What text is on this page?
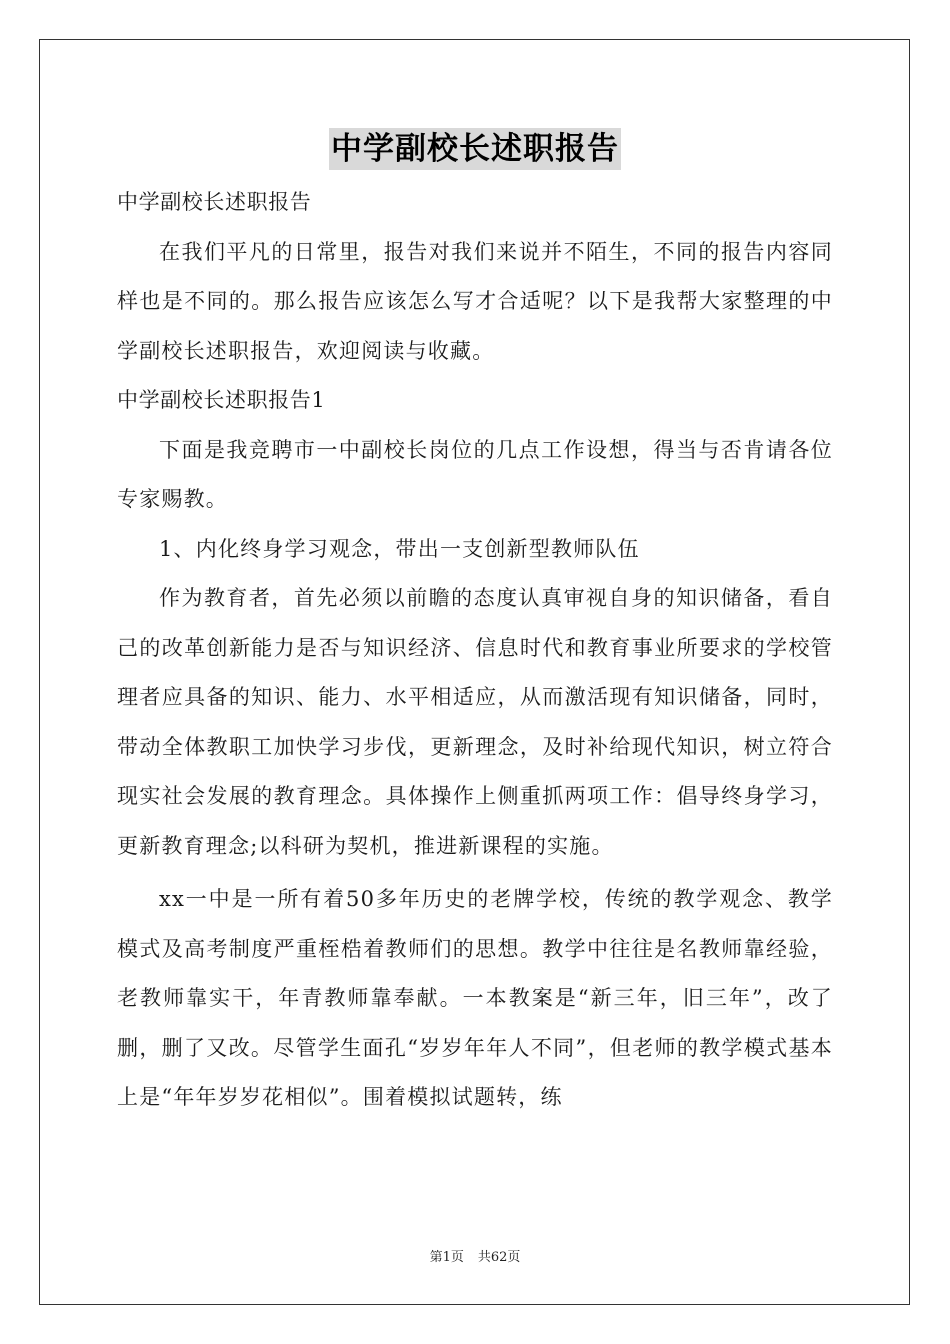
中学副校长述职报告

中学副校长述职报告

在我们平凡的日常里，报告对我们来说并不陌生，不同的报告内容同样也是不同的。那么报告应该怎么写才合适呢？以下是我帮大家整理的中学副校长述职报告，欢迎阅读与收藏。

中学副校长述职报告1

下面是我竞聘市一中副校长岗位的几点工作设想，得当与否肯请各位专家赐教。

1、内化终身学习观念，带出一支创新型教师队伍

作为教育者，首先必须以前瞻的态度认真审视自身的知识储备，看自己的改革创新能力是否与知识经济、信息时代和教育事业所要求的学校管理者应具备的知识、能力、水平相适应，从而激活现有知识储备，同时，带动全体教职工加快学习步伐，更新理念，及时补给现代知识，树立符合现实社会发展的教育理念。具体操作上侧重抓两项工作：倡导终身学习，更新教育理念;以科研为契机，推进新课程的实施。

xx一中是一所有着50多年历史的老牌学校，传统的教学观念、教学模式及高考制度严重桎梏着教师们的思想。教学中往往是名教师靠经验，老教师靠实干，年青教师靠奉献。一本教案是“新三年，旧三年”，改了删，删了又改。尽管学生面孔“岁岁年年人不同”，但老师的教学模式基本上是“年年岁岁花相似”。围着模拟试题转，练

第1页 共62页
